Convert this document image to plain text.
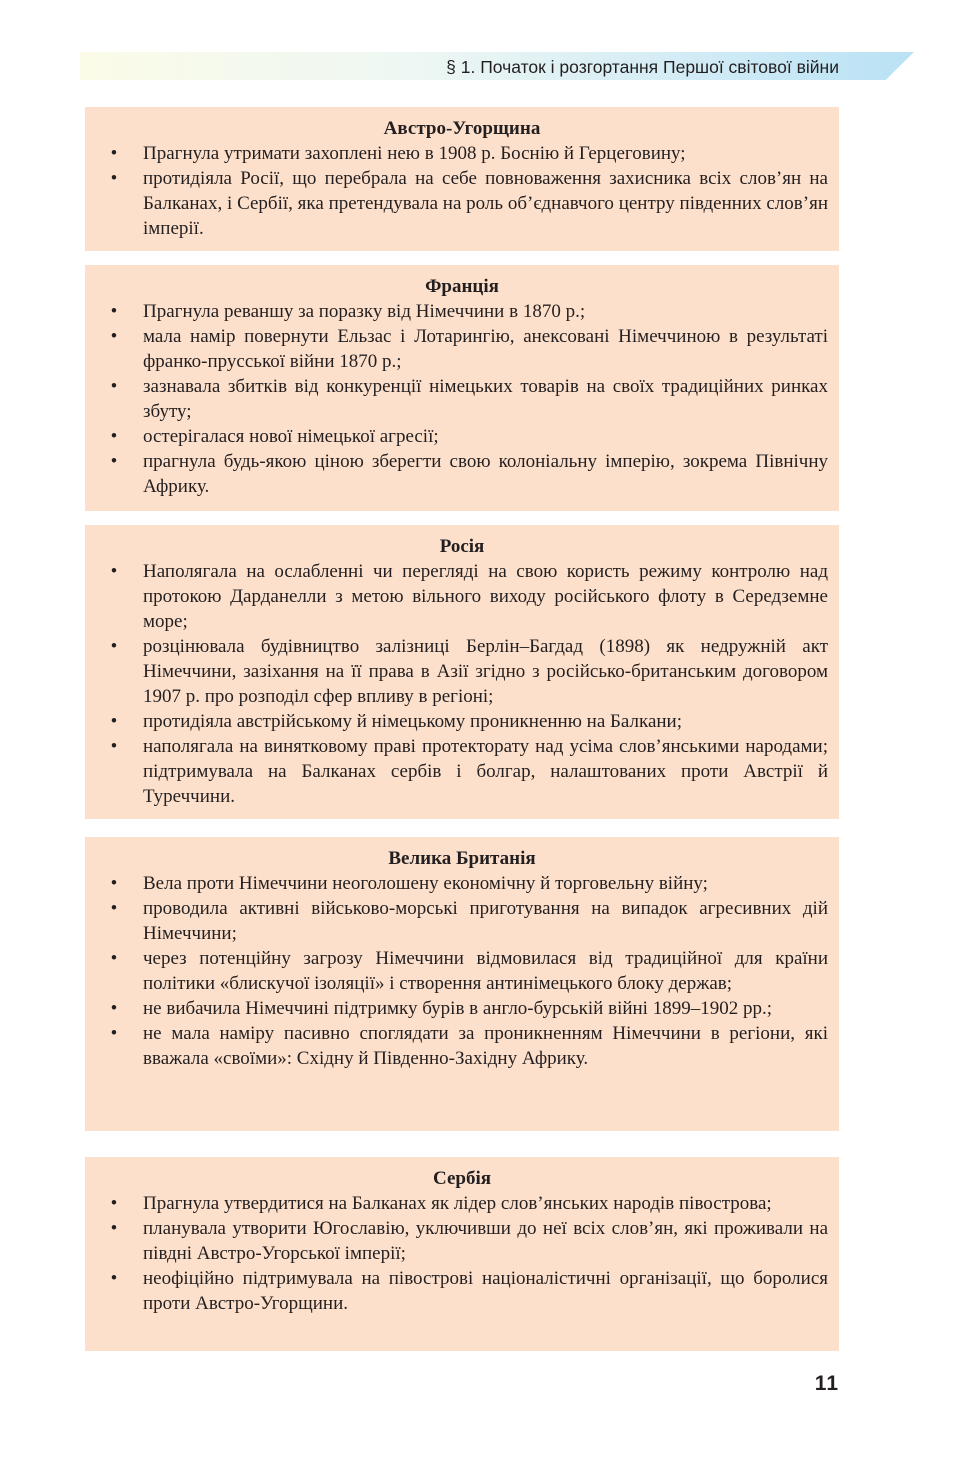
§ 1. Початок і розгортання Першої світової війни
Австро-Угорщина
• Прагнула утримати захоплені нею в 1908 р. Боснію й Герцеговину;
• протидіяла Росії, що перебрала на себе повноваження захисника всіх слов’ян на Балканах, і Сербії, яка претендувала на роль об’єднавчого центру південних слов’ян імперії.
Франція
• Прагнула реваншу за поразку від Німеччини в 1870 р.;
• мала намір повернути Ельзас і Лотарингію, анексовані Німеччиною в результаті франко-прусської війни 1870 р.;
• зазнавала збитків від конкуренції німецьких товарів на своїх традиційних ринках збуту;
• остерігалася нової німецької агресії;
• прагнула будь-якою ціною зберегти свою колоніальну імперію, зокрема Північну Африку.
Росія
• Наполягала на ослабленні чи перегляді на свою користь режиму контролю над протокою Дарданелли з метою вільного виходу російського флоту в Середземне море;
• розцінювала будівництво залізниці Берлін–Багдад (1898) як недружній акт Німеччини, зазіхання на її права в Азії згідно з російсько-британським договором 1907 р. про розподіл сфер впливу в регіоні;
• протидіяла австрійському й німецькому проникненню на Балкани;
• наполягала на винятковому праві протекторату над усіма слов’янськими народами; підтримувала на Балканах сербів і болгар, налаштованих проти Австрії й Туреччини.
Велика Британія
• Вела проти Німеччини неоголошену економічну й торговельну війну;
• проводила активні військово-морські приготування на випадок агресивних дій Німеччини;
• через потенційну загрозу Німеччини відмовилася від традиційної для країни політики «блискучої ізоляції» і створення антинімецького блоку держав;
• не вибачила Німеччині підтримку бурів в англо-бурській війні 1899–1902 рр.;
• не мала наміру пасивно споглядати за проникненням Німеччини в регіони, які вважала «своїми»: Східну й Південно-Західну Африку.
Сербія
• Прагнула утвердитися на Балканах як лідер слов’янських народів півострова;
• планувала утворити Югославію, уключивши до неї всіх слов’ян, які проживали на півдні Австро-Угорської імперії;
• неофіційно підтримувала на півострові націоналістичні організації, що боролися проти Австро-Угорщини.
11
